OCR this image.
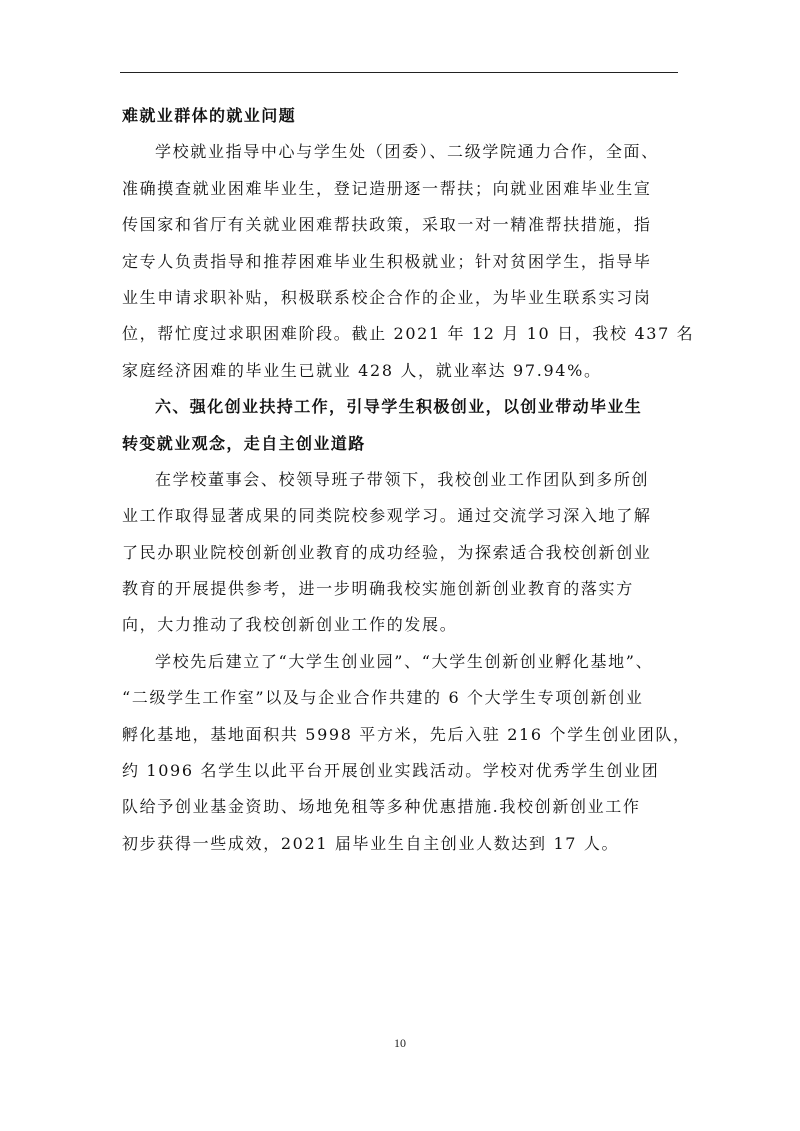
难就业群体的就业问题
学校就业指导中心与学生处（团委）、二级学院通力合作，全面、
准确摸查就业困难毕业生，登记造册逐一帮扶；向就业困难毕业生宣
传国家和省厅有关就业困难帮扶政策，采取一对一精准帮扶措施，指
定专人负责指导和推荐困难毕业生积极就业；针对贫困学生，指导毕
业生申请求职补贴，积极联系校企合作的企业，为毕业生联系实习岗
位，帮忙度过求职困难阶段。截止 2021 年 12 月 10 日，我校 437 名
家庭经济困难的毕业生已就业 428 人，就业率达 97.94%。
六、强化创业扶持工作，引导学生积极创业，以创业带动毕业生
转变就业观念，走自主创业道路
在学校董事会、校领导班子带领下，我校创业工作团队到多所创
业工作取得显著成果的同类院校参观学习。通过交流学习深入地了解
了民办职业院校创新创业教育的成功经验，为探索适合我校创新创业
教育的开展提供参考，进一步明确我校实施创新创业教育的落实方
向，大力推动了我校创新创业工作的发展。
学校先后建立了“大学生创业园”、“大学生创新创业孵化基地”、
“二级学生工作室”以及与企业合作共建的 6 个大学生专项创新创业
孵化基地，基地面积共 5998 平方米，先后入驻 216 个学生创业团队，
约 1096 名学生以此平台开展创业实践活动。学校对优秀学生创业团
队给予创业基金资助、场地免租等多种优惠措施.我校创新创业工作
初步获得一些成效，2021 届毕业生自主创业人数达到 17 人。
10
